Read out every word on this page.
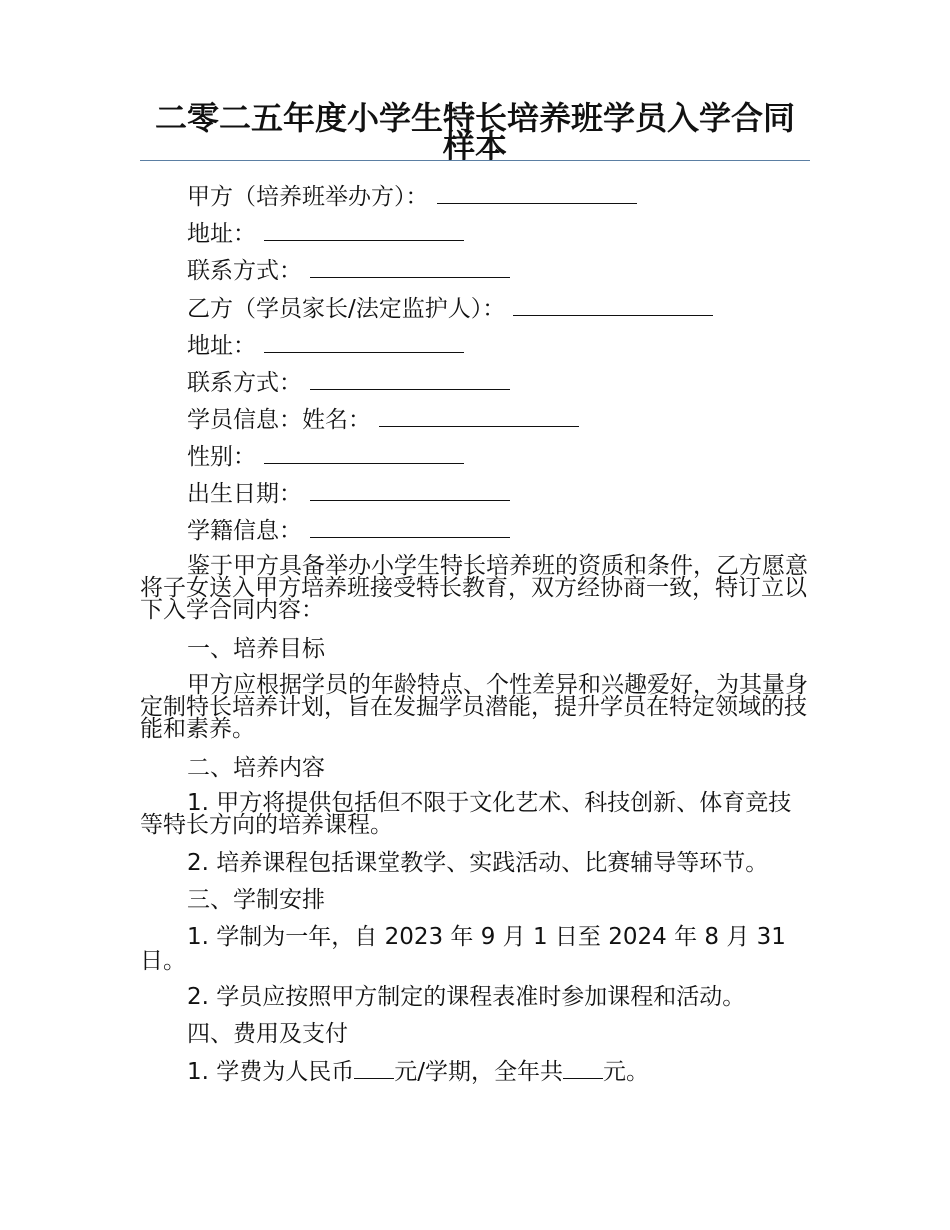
二零二五年度小学生特长培养班学员入学合同样本
甲方（培养班举办方）：
地址：
联系方式：
乙方（学员家长/法定监护人）：
地址：
联系方式：
学员信息：姓名：
性别：
出生日期：
学籍信息：

鉴于甲方具备举办小学生特长培养班的资质和条件，乙方愿意将子女送入甲方培养班接受特长教育，双方经协商一致，特订立以下入学合同内容：

一、培养目标

甲方应根据学员的年龄特点、个性差异和兴趣爱好，为其量身定制特长培养计划，旨在发掘学员潜能，提升学员在特定领域的技能和素养。

二、培养内容

1. 甲方将提供包括但不限于文化艺术、科技创新、体育竞技等特长方向的培养课程。

2. 培养课程包括课堂教学、实践活动、比赛辅导等环节。
三、学制安排

1. 学制为一年，自 2023 年 9 月 1 日至 2024 年 8 月 31 日。

2. 学员应按照甲方制定的课程表准时参加课程和活动。
四、费用及支付
1. 学费为人民币 元/学期，全年共 元。
